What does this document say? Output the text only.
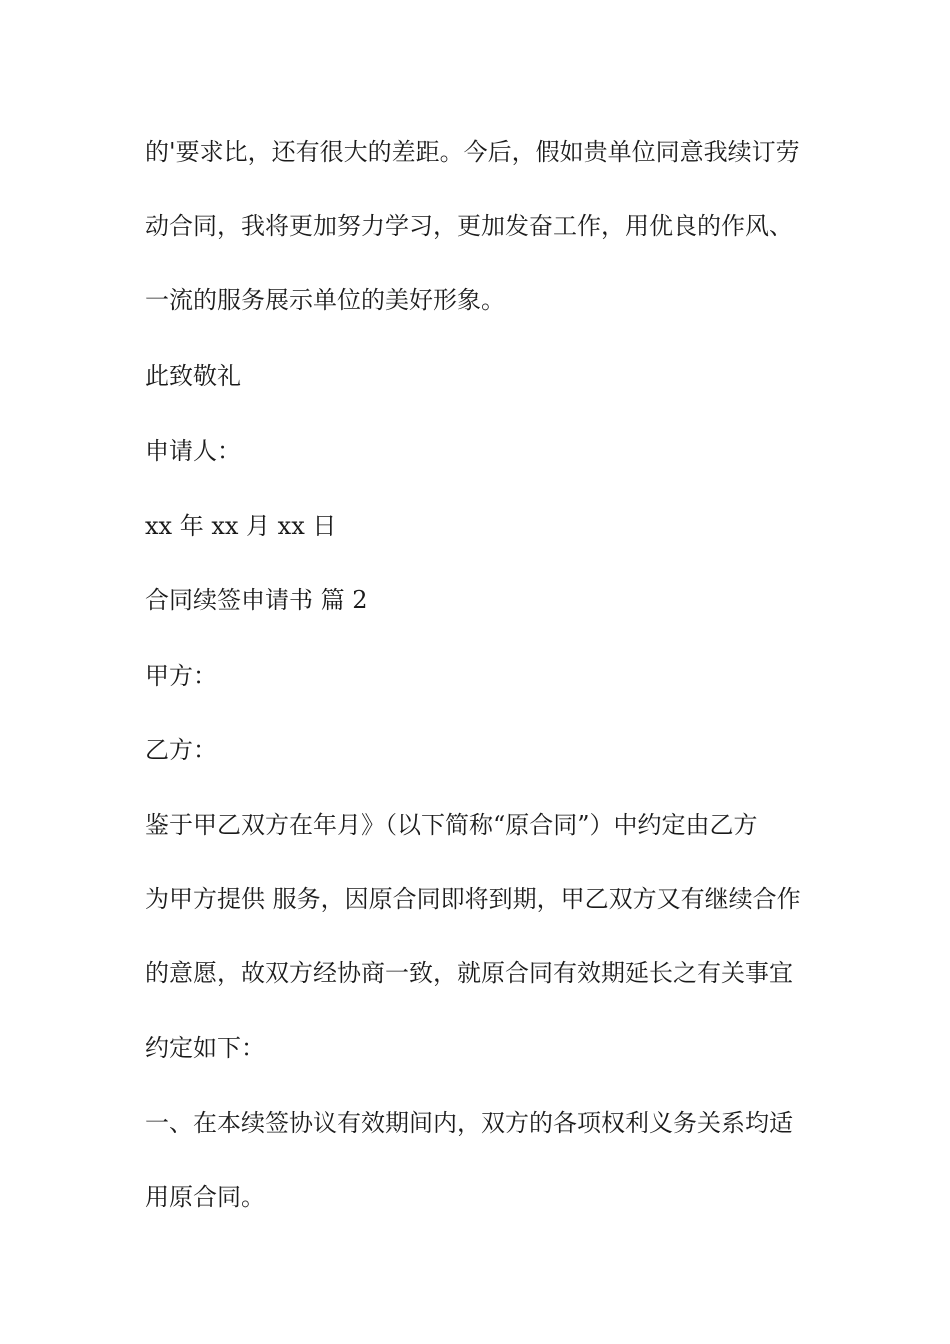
的'要求比，还有很大的差距。今后，假如贵单位同意我续订劳
动合同，我将更加努力学习，更加发奋工作，用优良的作风、
一流的服务展示单位的美好形象。
此致敬礼
申请人：
xx 年 xx 月 xx 日
合同续签申请书 篇 2
甲方：
乙方：
鉴于甲乙双方在年月》（以下简称“原合同”）中约定由乙方
为甲方提供 服务，因原合同即将到期，甲乙双方又有继续合作
的意愿，故双方经协商一致，就原合同有效期延长之有关事宜
约定如下：
一、在本续签协议有效期间内，双方的各项权利义务关系均适
用原合同。
